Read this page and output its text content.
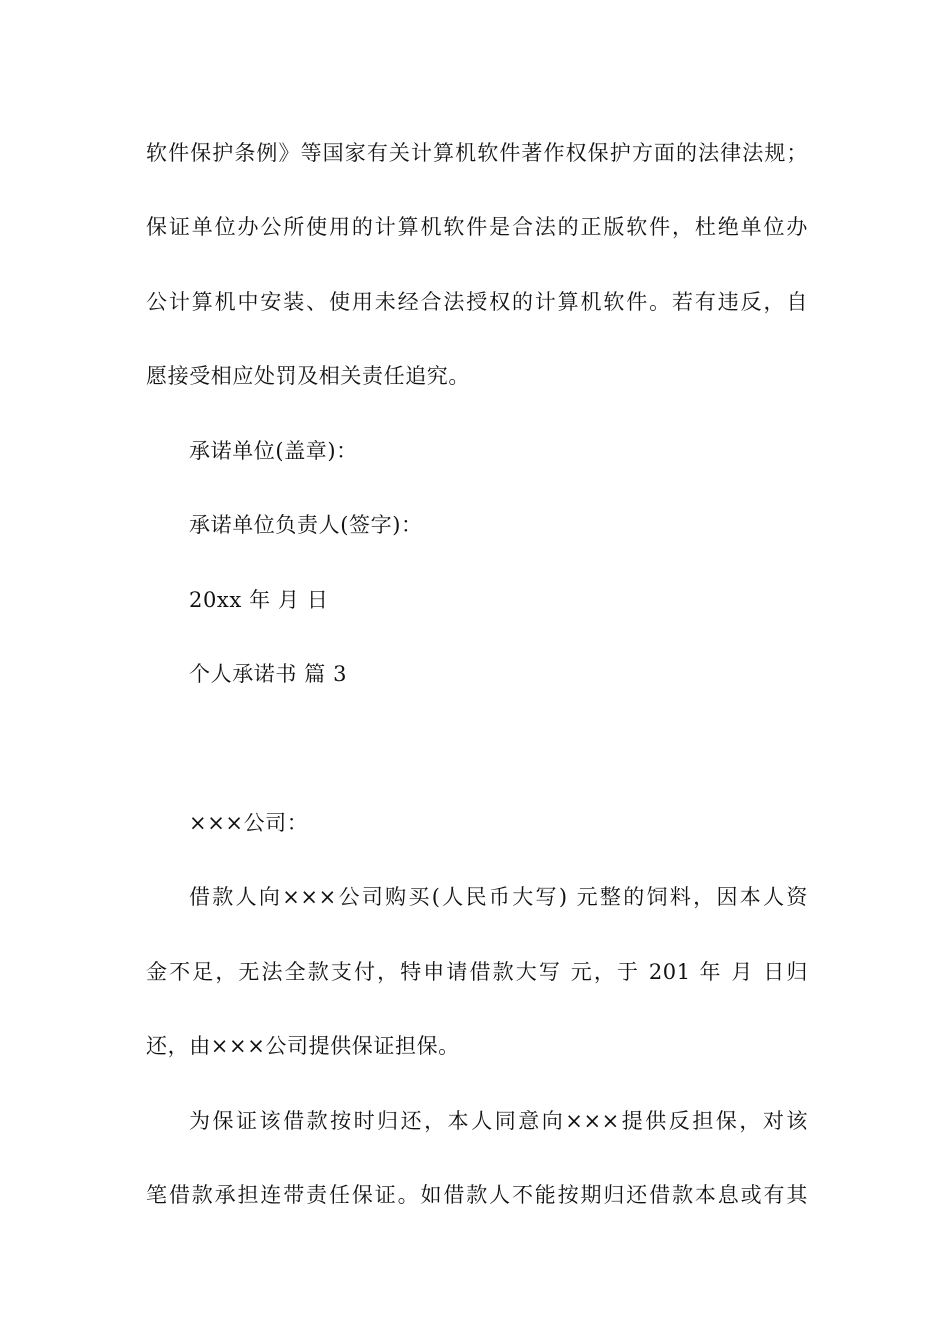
软件保护条例》等国家有关计算机软件著作权保护方面的法律法规；
保证单位办公所使用的计算机软件是合法的正版软件，杜绝单位办
公计算机中安装、使用未经合法授权的计算机软件。若有违反，自
愿接受相应处罚及相关责任追究。
承诺单位(盖章)：
承诺单位负责人(签字)：
20xx 年 月 日
个人承诺书 篇 3
×××公司：
借款人向×××公司购买(人民币大写) 元整的饲料，因本人资
金不足，无法全款支付，特申请借款大写 元，于 201 年 月 日归
还，由×××公司提供保证担保。
为保证该借款按时归还，本人同意向×××提供反担保，对该
笔借款承担连带责任保证。如借款人不能按期归还借款本息或有其
